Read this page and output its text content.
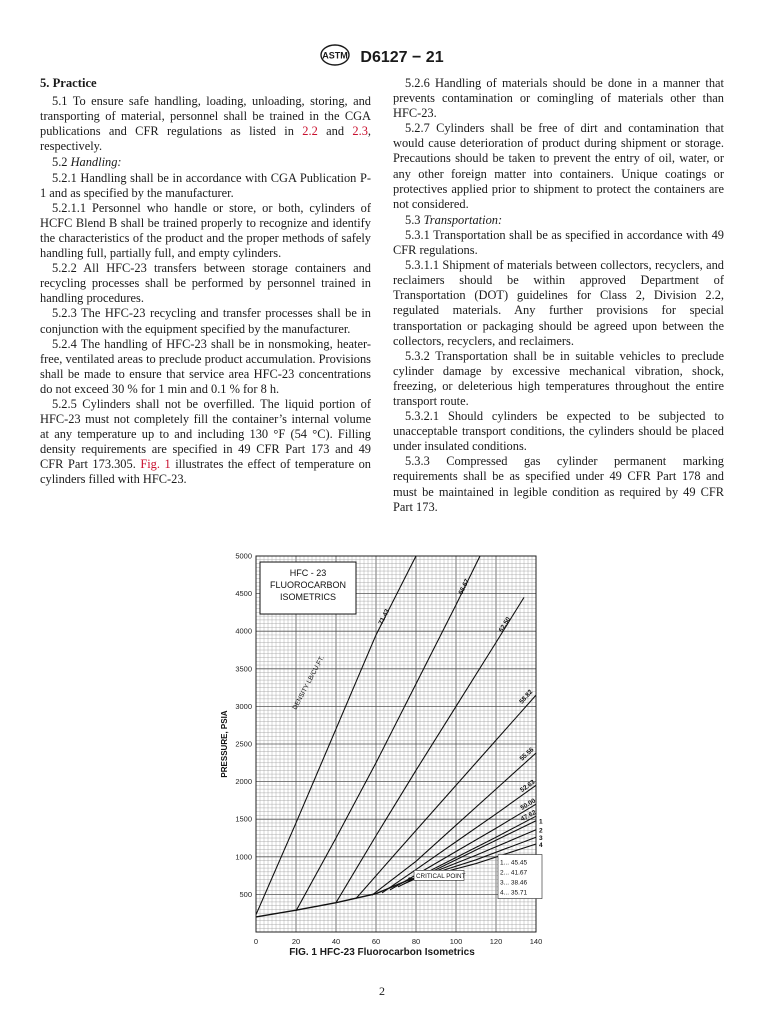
ASTM D6127 − 21

5. Practice

5.1 To ensure safe handling, loading, unloading, storing, and transporting of material, personnel shall be trained in the CGA publications and CFR regulations as listed in 2.2 and 2.3, respectively.

5.2 Handling:

5.2.1 Handling shall be in accordance with CGA Publication P-1 and as specified by the manufacturer.

5.2.1.1 Personnel who handle or store, or both, cylinders of HCFC Blend B shall be trained properly to recognize and identify the characteristics of the product and the proper methods of safely handling full, partially full, and empty cylinders.

5.2.2 All HFC-23 transfers between storage containers and recycling processes shall be performed by personnel trained in handling procedures.

5.2.3 The HFC-23 recycling and transfer processes shall be in conjunction with the equipment specified by the manufacturer.

5.2.4 The handling of HFC-23 shall be in nonsmoking, heater-free, ventilated areas to preclude product accumulation. Provisions shall be made to ensure that service area HFC-23 concentrations do not exceed 30 % for 1 min and 0.1 % for 8 h.

5.2.5 Cylinders shall not be overfilled. The liquid portion of HFC-23 must not completely fill the container’s internal volume at any temperature up to and including 130 °F (54 °C). Filling density requirements are specified in 49 CFR Part 173 and 49 CFR Part 173.305. Fig. 1 illustrates the effect of temperature on cylinders filled with HFC-23.

5.2.6 Handling of materials should be done in a manner that prevents contamination or comingling of materials other than HFC-23.

5.2.7 Cylinders shall be free of dirt and contamination that would cause deterioration of product during shipment or storage. Precautions should be taken to prevent the entry of oil, water, or any other foreign matter into containers. Unique coatings or protectives applied prior to shipment to protect the containers are not considered.

5.3 Transportation:

5.3.1 Transportation shall be as specified in accordance with 49 CFR regulations.

5.3.1.1 Shipment of materials between collectors, recyclers, and reclaimers should be within approved Department of Transportation (DOT) guidelines for Class 2, Division 2.2, regulated materials. Any further provisions for special transportation or packaging should be agreed upon between the collectors, recyclers, and reclaimers.

5.3.2 Transportation shall be in suitable vehicles to preclude cylinder damage by excessive mechanical vibration, shock, freezing, or deleterious high temperatures throughout the entire transport route.

5.3.2.1 Should cylinders be expected to be subjected to unacceptable transport conditions, the cylinders should be placed under insulated conditions.

5.3.3 Compressed gas cylinder permanent marking requirements shall be as specified under 49 CFR Part 178 and must be maintained in legible condition as required by 49 CFR Part 173.

0	20	40	60	80	100	120	140
500
1000
1500
2000
2500
3000
3500
4000
4500
5000
PRESSURE, PSIA
71.43
66.67
62.50
58.82
55.56
52.63
50.00
47.62 1
2
3
4
DENSITY LB/CU.FT.
CRITICAL POINT
HFC - 23
FLUOROCARBON
ISOMETRICS
1... 45.45
2... 41.67
3... 38.46
4... 35.71
FIG. 1 HFC-23 Fluorocarbon Isometrics
2
